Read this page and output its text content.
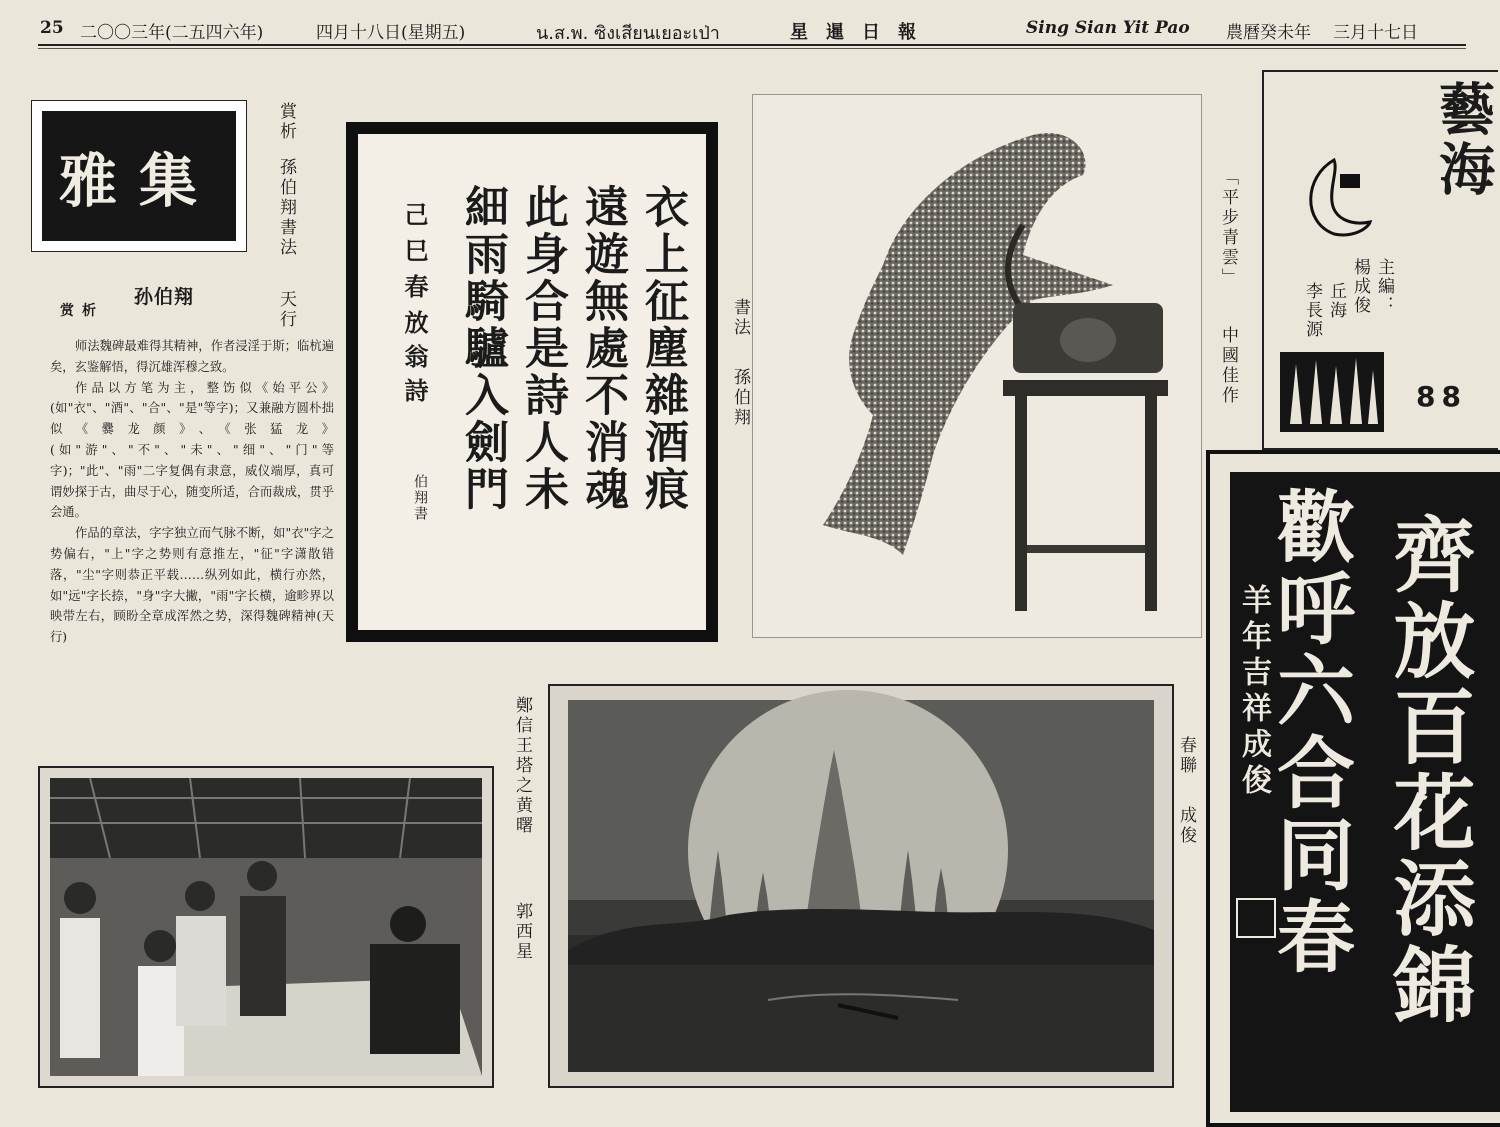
25 二〇〇三年(二五四六年)	四月十八日(星期五)	น.ส.พ. ซิงเสียนเยอะเป่า	星　暹　日　報	Sing Sian Yit Pao 農曆癸未年 三月十七日
集雅
賞析
孫伯翔書法
天行
孙伯翔
赏析

师法魏碑最难得其精神，作者浸淫于斯；临杭遍矣，玄鉴解悟，得沉雄浑穆之致。

作品以方笔为主，整饬似《始平公》(如"衣"、"酒"、"合"、"是"等字)；又兼融方圆朴拙似《爨龙颜》、《张猛龙》(如"游"、"不"、"未"、"细"、"门"等字)；"此"、"雨"二字复偶有隶意，威仪端厚，真可谓妙探于古，曲尽于心，随变所适，合而裁成，贯乎会通。

作品的章法，字字独立而气脉不断，如"衣"字之势偏右，"上"字之势则有意推左，"征"字潇散错落，"尘"字则恭正平载……纵列如此，横行亦然，如"远"字长捺，"身"字大撇，"雨"字长横，逾畛界以映带左右，顾盼全章成浑然之势，深得魏碑精神(天 行)

衣上征塵雜酒痕
遠遊無處不消魂
此身合是詩人未
細雨騎驢入劍門
己巳春
放翁詩
伯翔書
書法
孫伯翔
「平步青雲」
中國佳作
藝海
主編：
楊成俊
丘海
李長源
88
齊放百花添錦
歡呼六合同春
羊年吉祥成俊
春聯
成俊
鄭信王塔之黄曙
郭西星
